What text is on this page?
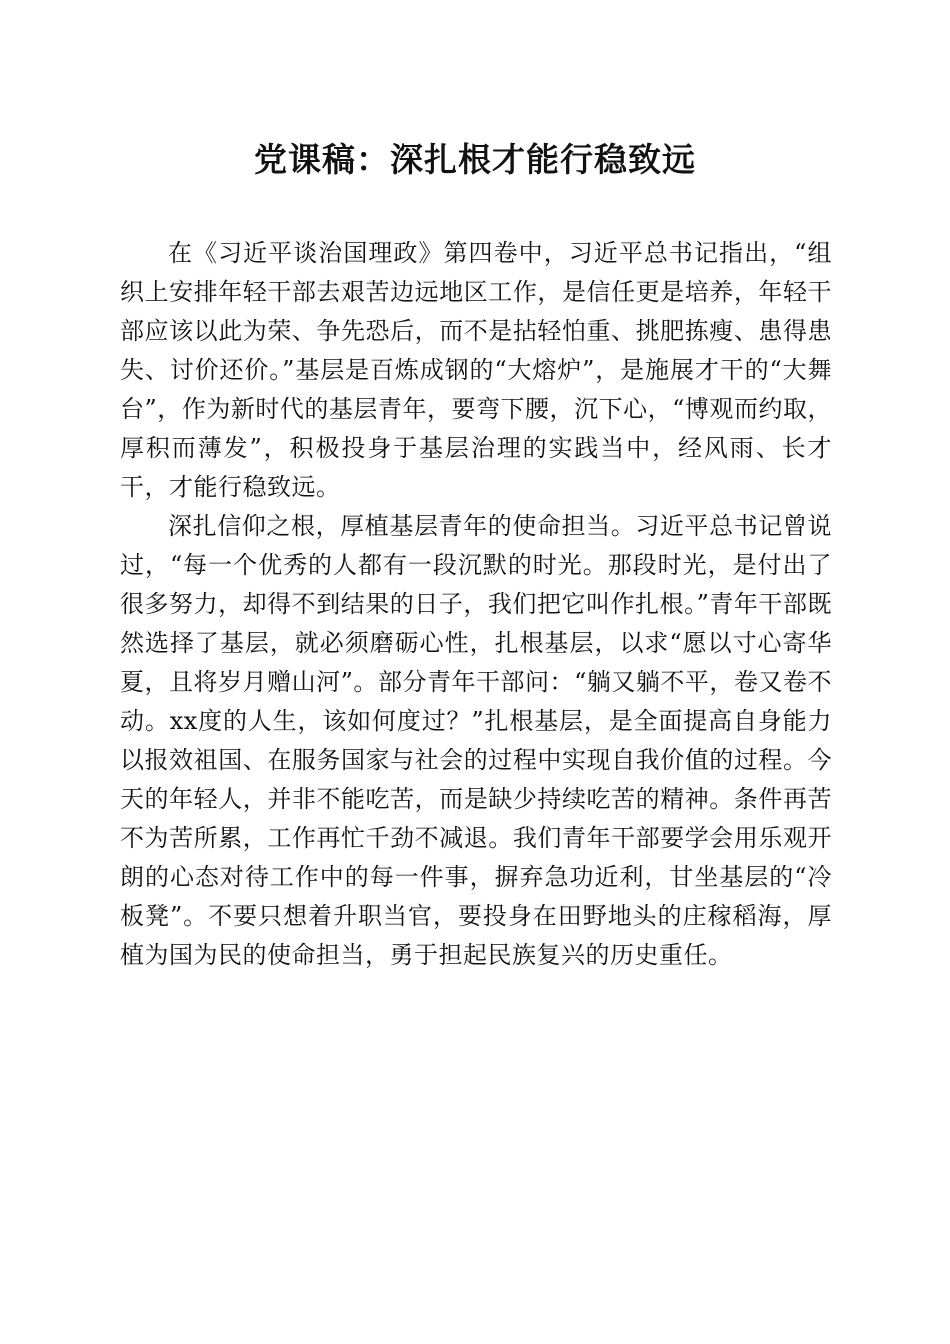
党课稿：深扎根才能行稳致远

在《习近平谈治国理政》第四卷中，习近平总书记指出，“组织上安排年轻干部去艰苦边远地区工作，是信任更是培养，年轻干部应该以此为荣、争先恐后，而不是拈轻怕重、挑肥拣瘦、患得患失、讨价还价。”基层是百炼成钢的“大熔炉”，是施展才干的“大舞台”，作为新时代的基层青年，要弯下腰，沉下心，“博观而约取，厚积而薄发”，积极投身于基层治理的实践当中，经风雨、长才干，才能行稳致远。

深扎信仰之根，厚植基层青年的使命担当。习近平总书记曾说过，“每一个优秀的人都有一段沉默的时光。那段时光，是付出了很多努力，却得不到结果的日子，我们把它叫作扎根。”青年干部既然选择了基层，就必须磨砺心性，扎根基层，以求“愿以寸心寄华夏，且将岁月赠山河”。部分青年干部问：“躺又躺不平，卷又卷不动。xx度的人生，该如何度过？”扎根基层，是全面提高自身能力以报效祖国、在服务国家与社会的过程中实现自我价值的过程。今天的年轻人，并非不能吃苦，而是缺少持续吃苦的精神。条件再苦不为苦所累，工作再忙千劲不减退。我们青年干部要学会用乐观开朗的心态对待工作中的每一件事，摒弃急功近利，甘坐基层的“冷板凳”。不要只想着升职当官，要投身在田野地头的庄稼稻海，厚植为国为民的使命担当，勇于担起民族复兴的历史重任。
